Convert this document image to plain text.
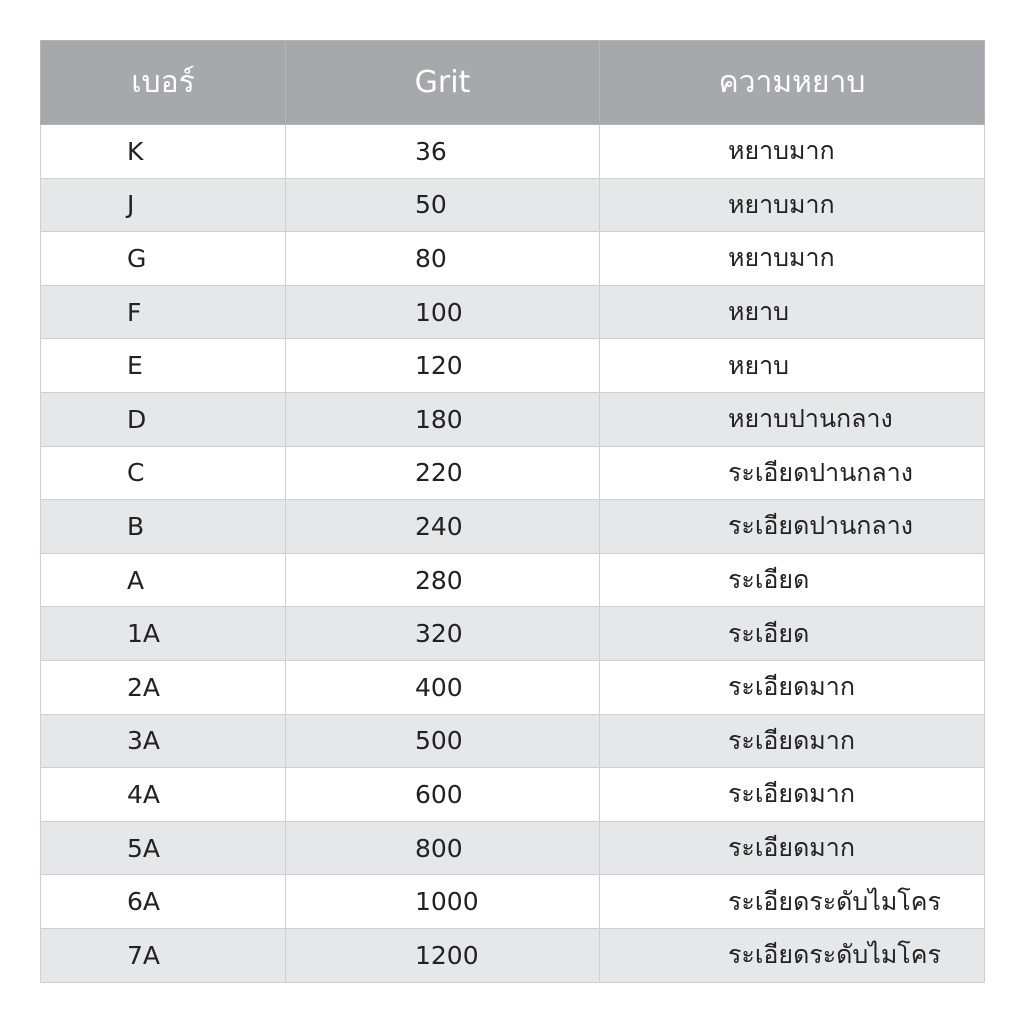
เบอร์	Grit	ความหยาบ
K	36	หยาบมาก
J	50	หยาบมาก
G	80	หยาบมาก
F	100	หยาบ
E	120	หยาบ
D	180	หยาบปานกลาง
C	220	ระเอียดปานกลาง
B	240	ระเอียดปานกลาง
A	280	ระเอียด
1A	320	ระเอียด
2A	400	ระเอียดมาก
3A	500	ระเอียดมาก
4A	600	ระเอียดมาก
5A	800	ระเอียดมาก
6A	1000	ระเอียดระดับไมโคร
7A	1200	ระเอียดระดับไมโคร
